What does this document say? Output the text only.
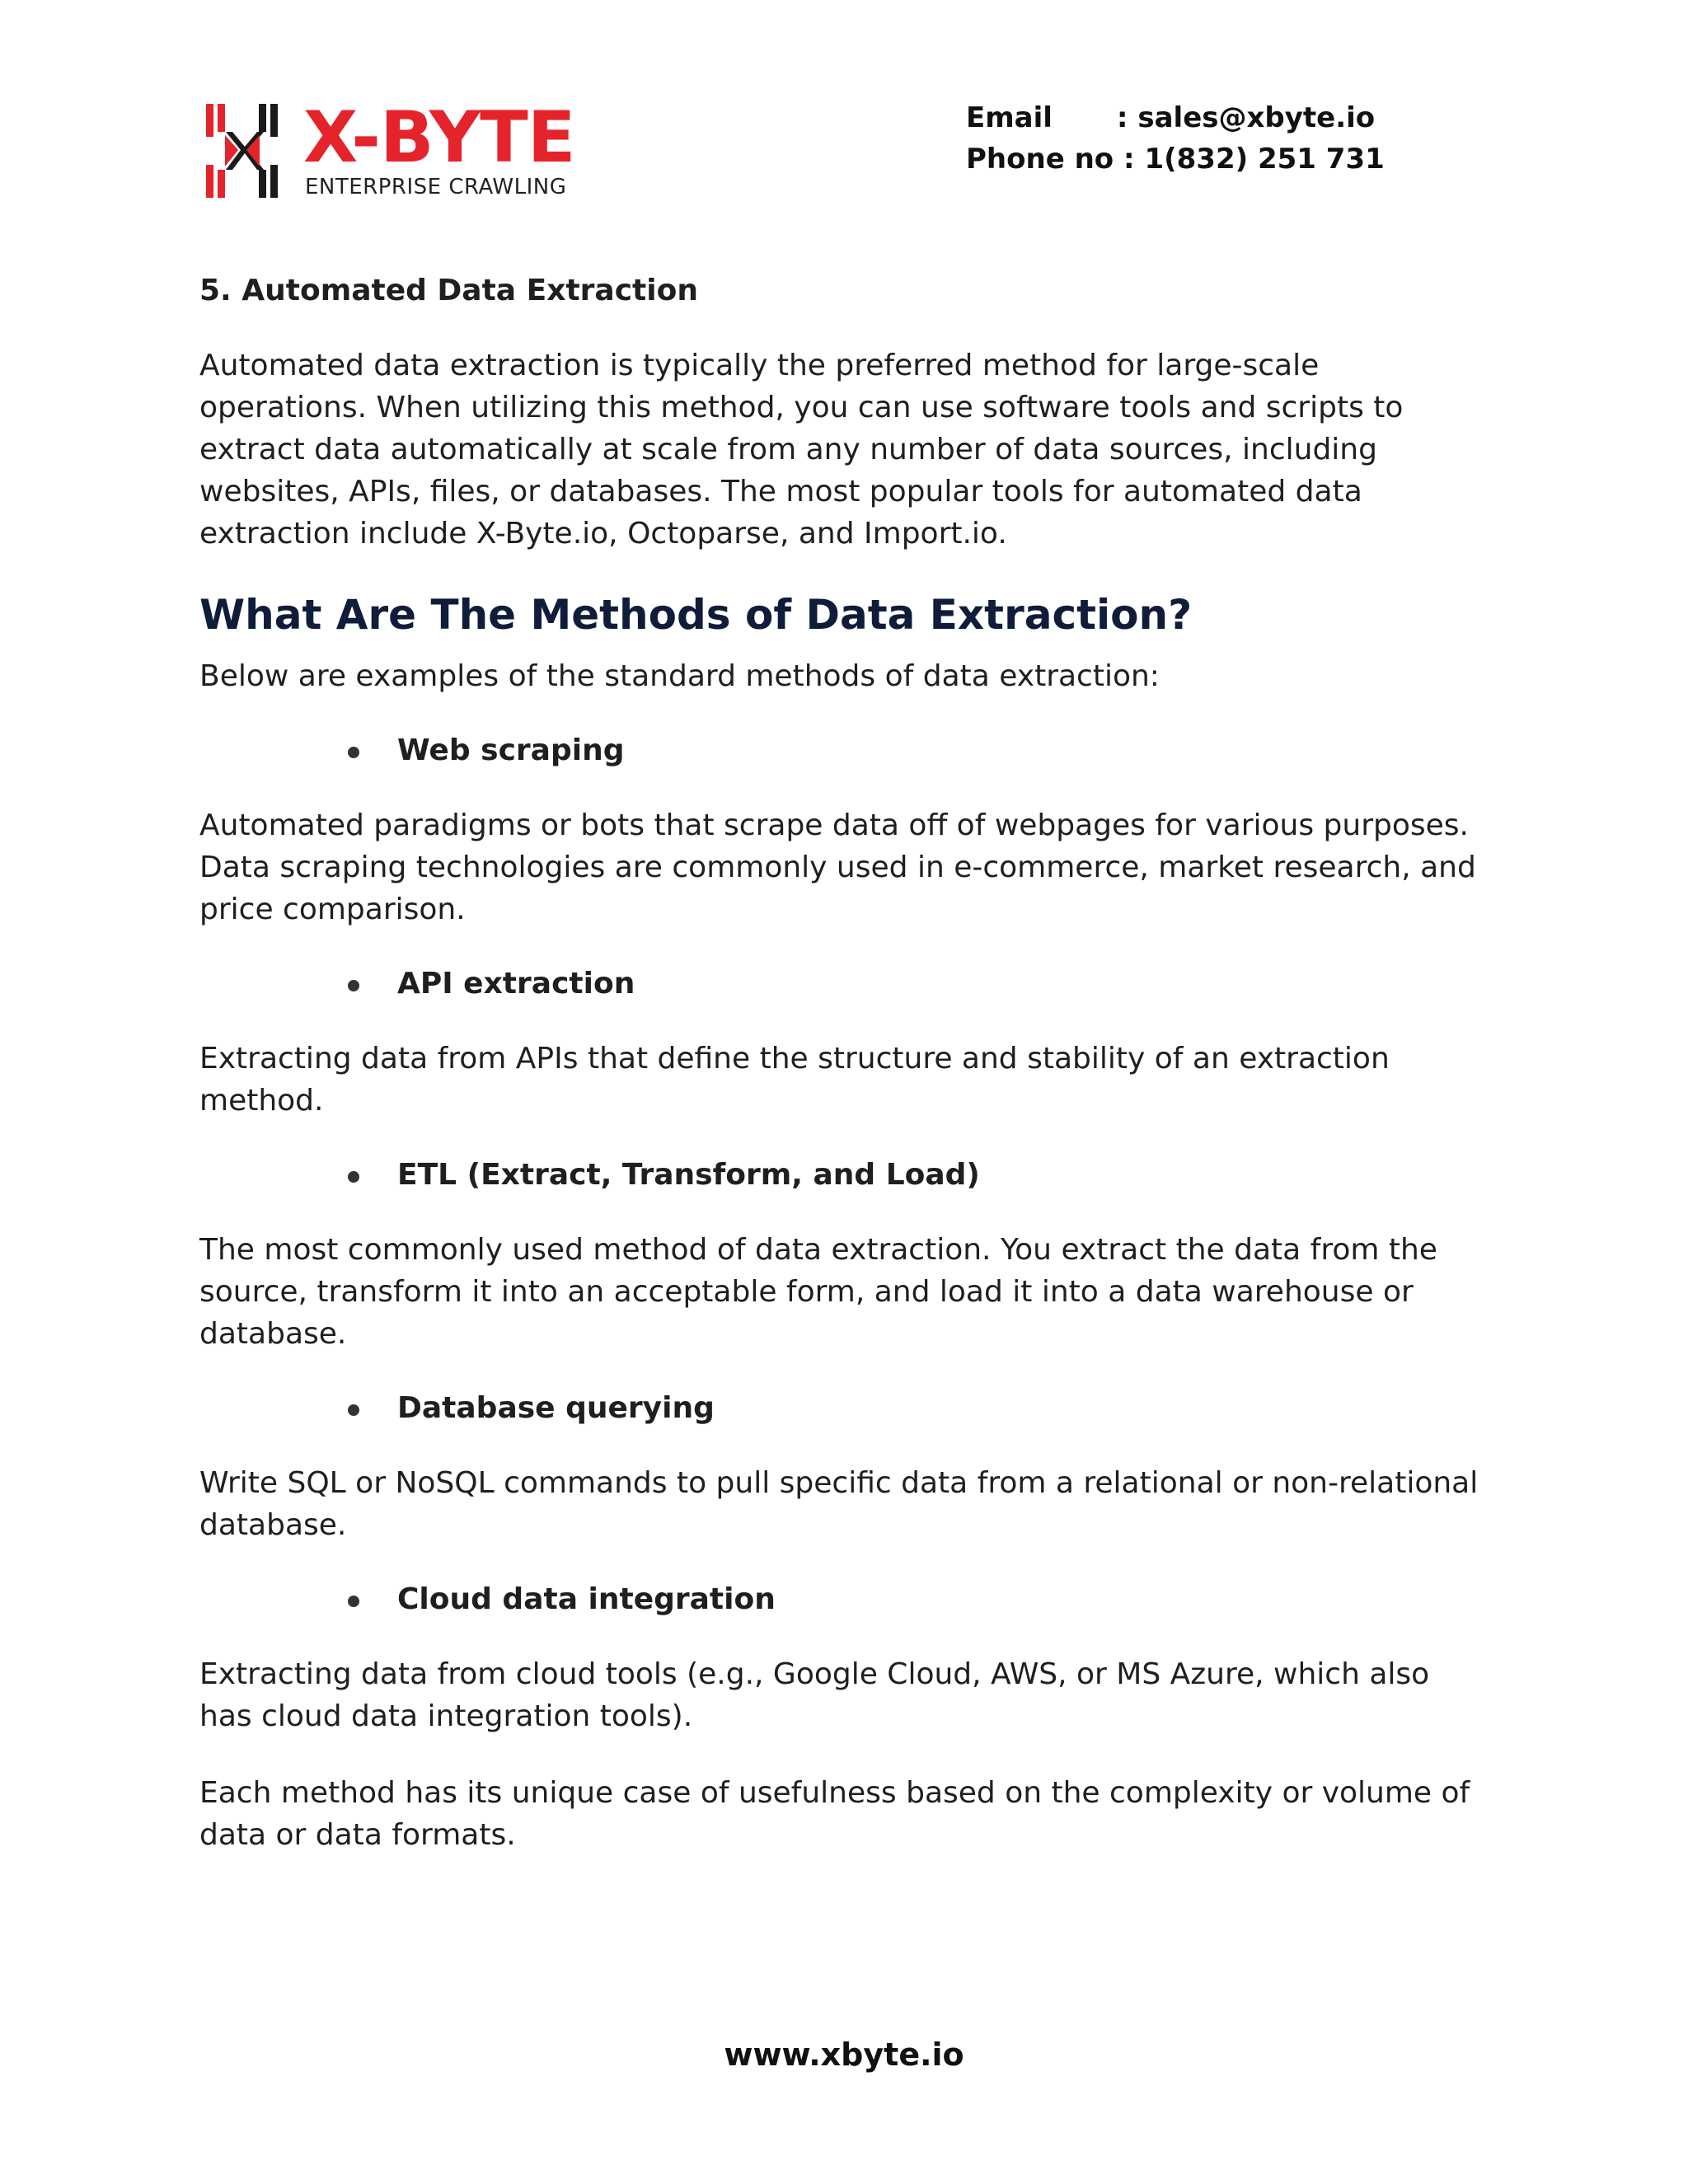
X-BYTE
ENTERPRISE CRAWLING
Email : sales@xbyte.io
Phone no : 1(832) 251 731
5. Automated Data Extraction

Automated data extraction is typically the preferred method for large-scale operations. When utilizing this method, you can use software tools and scripts to extract data automatically at scale from any number of data sources, including websites, APIs, files, or databases. The most popular tools for automated data extraction include X-Byte.io, Octoparse, and Import.io.

What Are The Methods of Data Extraction?

Below are examples of the standard methods of data extraction:

Web scraping

Automated paradigms or bots that scrape data off of webpages for various purposes. Data scraping technologies are commonly used in e-commerce, market research, and price comparison.

API extraction

Extracting data from APIs that define the structure and stability of an extraction method.

ETL (Extract, Transform, and Load)

The most commonly used method of data extraction. You extract the data from the source, transform it into an acceptable form, and load it into a data warehouse or database.

Database querying

Write SQL or NoSQL commands to pull specific data from a relational or non-relational database.

Cloud data integration

Extracting data from cloud tools (e.g., Google Cloud, AWS, or MS Azure, which also has cloud data integration tools).

Each method has its unique case of usefulness based on the complexity or volume of data or data formats.

www.xbyte.io
